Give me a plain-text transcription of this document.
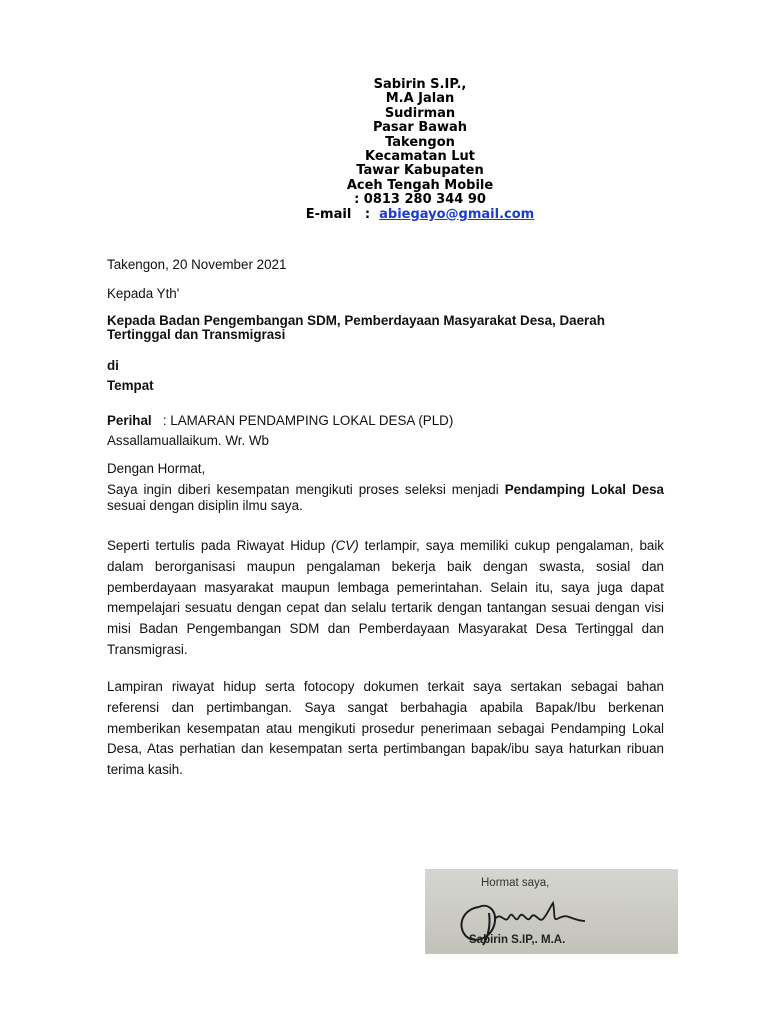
Sabirin S.IP.,
M.A Jalan
Sudirman
Pasar Bawah
Takengon
Kecamatan Lut
Tawar Kabupaten
Aceh Tengah Mobile
: 0813 280 344 90
E-mail   :  abiegayo@gmail.com
Takengon, 20 November 2021
Kepada Yth'
Kepada Badan Pengembangan SDM, Pemberdayaan Masyarakat Desa, Daerah
Tertinggal dan Transmigrasi
di
Tempat
Perihal   : LAMARAN PENDAMPING LOKAL DESA (PLD)
Assallamuallaikum. Wr. Wb
Dengan Hormat,
Saya ingin diberi kesempatan mengikuti proses seleksi menjadi Pendamping Lokal Desa sesuai dengan disiplin ilmu saya.
Seperti tertulis pada Riwayat Hidup (CV) terlampir, saya memiliki cukup pengalaman, baik dalam berorganisasi maupun pengalaman bekerja baik dengan swasta, sosial dan pemberdayaan masyarakat maupun lembaga pemerintahan. Selain itu, saya juga dapat mempelajari sesuatu dengan cepat dan selalu tertarik dengan tantangan sesuai dengan visi misi Badan Pengembangan SDM dan Pemberdayaan Masyarakat Desa Tertinggal dan Transmigrasi.
Lampiran riwayat hidup serta fotocopy dokumen terkait saya sertakan sebagai bahan referensi dan pertimbangan. Saya sangat berbahagia apabila Bapak/Ibu berkenan memberikan kesempatan atau mengikuti prosedur penerimaan sebagai Pendamping Lokal Desa, Atas perhatian dan kesempatan serta pertimbangan bapak/ibu saya haturkan ribuan terima kasih.
Hormat saya,
Sabirin S.IP,. M.A.
